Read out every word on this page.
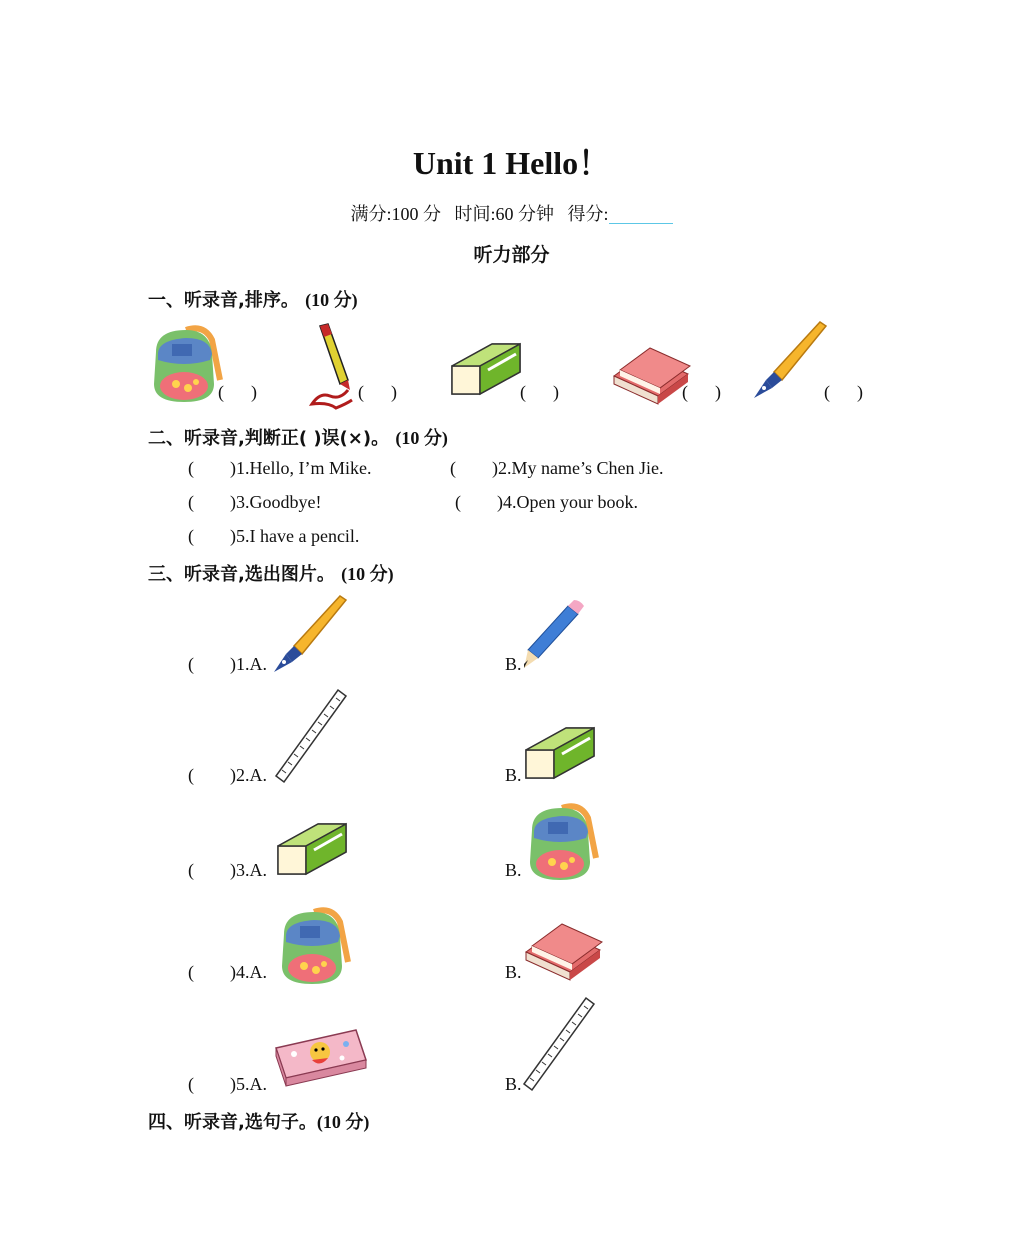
Unit 1 Hello！
满分:100 分 时间:60 分钟 得分:
听力部分
一、听录音,排序。 (10 分)
(      )	(      )	(      )	(      )	(      )
二、听录音,判断正( )误(×)。 (10 分)
(        )1.Hello, I’m Mike.	(        )2.My name’s Chen Jie.
(        )3.Goodbye!	(        )4.Open your book.
(        )5.I have a pencil.
三、听录音,选出图片。 (10 分)
(        )1.A.	B.
(        )2.A.	B.
(        )3.A.	B.
(        )4.A.	B.
(        )5.A.	B.
四、听录音,选句子。(10 分)
